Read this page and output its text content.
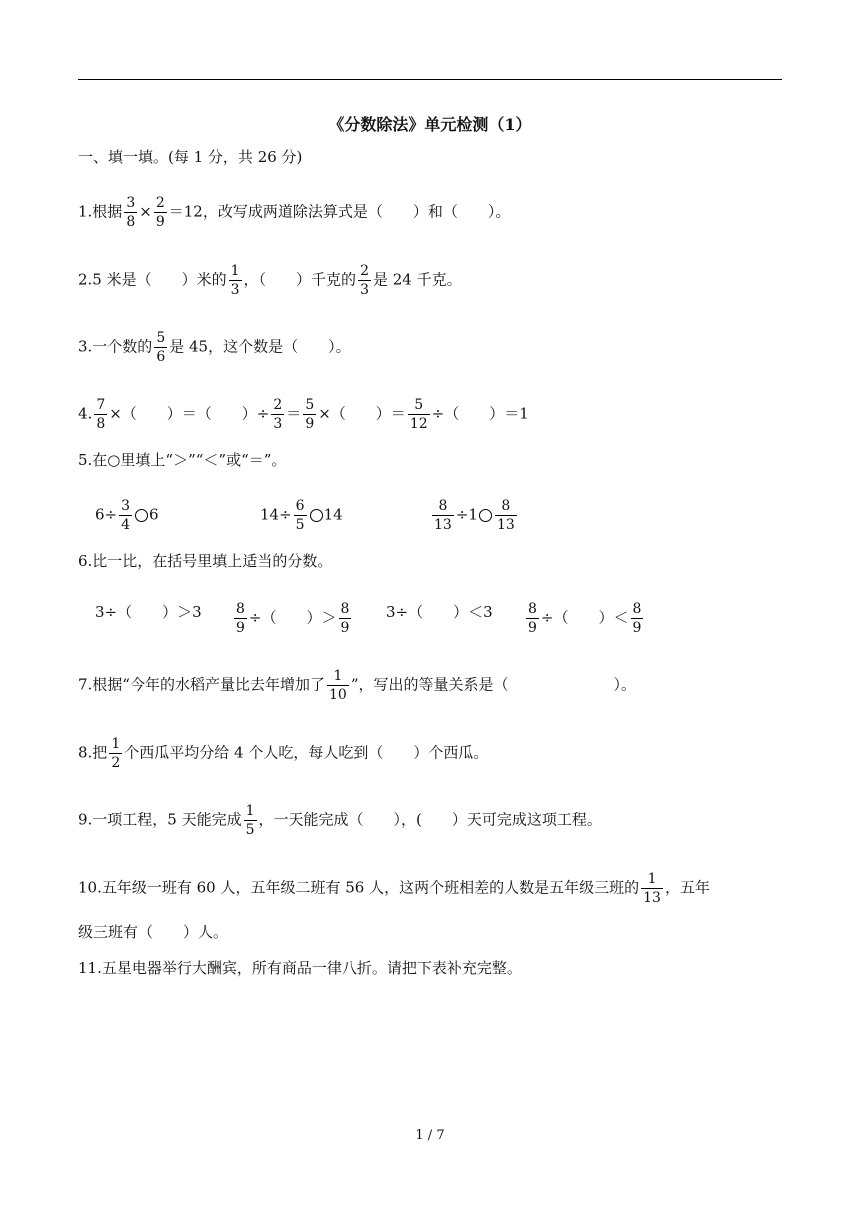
《分数除法》单元检测（1）
一、填一填。(每 1 分，共 26 分)
1.根据 $\frac{3}{8} \times \frac{2}{9} =12$，改写成两道除法算式是（　　）和（　　）。
2.5 米是（　　）米的 $\frac{1}{3}$ ，（　　）千克的 $\frac{2}{3}$ 是 24 千克。
3.一个数的 $\frac{5}{6}$ 是 45，这个数是（　　）。
4. $\frac{7}{8}$ ×（　　）＝（　　）÷ $\frac{2}{3} = \frac{5}{9}$ ×（　　）＝ $\frac{5}{12}$ ÷（　　）＝1
5.在○里填上“＞”“＜”或“＝”。
$6\div \frac{3}{4} 6$	$14\div \frac{6}{5} 14$	$\frac{8}{13} \div 1 \frac{8}{13}$
6.比一比，在括号里填上适当的分数。
3÷（　　）$>3 \frac{8}{9}$ ÷（　　）＞ $\frac{8}{9} 3\div$（　　）$<3 \frac{8}{9}$ ÷（　　）＜ $\frac{8}{9}$
7.根据“今年的水稻产量比去年增加了 $\frac{1}{10}$ ”，写出的等量关系是（　　　　　　　）。
8.把 $\frac{1}{2}$ 个西瓜平均分给 4 个人吃，每人吃到（　　）个西瓜。
9.一项工程，5 天能完成 $\frac{1}{5}$ ，一天能完成（　　），(　　）天可完成这项工程。
10.五年级一班有 60 人，五年级二班有 56 人，这两个班相差的人数是五年级三班的 $\frac{1}{13}$ ，五年
级三班有（　　）人。
11.五星电器举行大酬宾，所有商品一律八折。请把下表补充完整。
1 / 7
